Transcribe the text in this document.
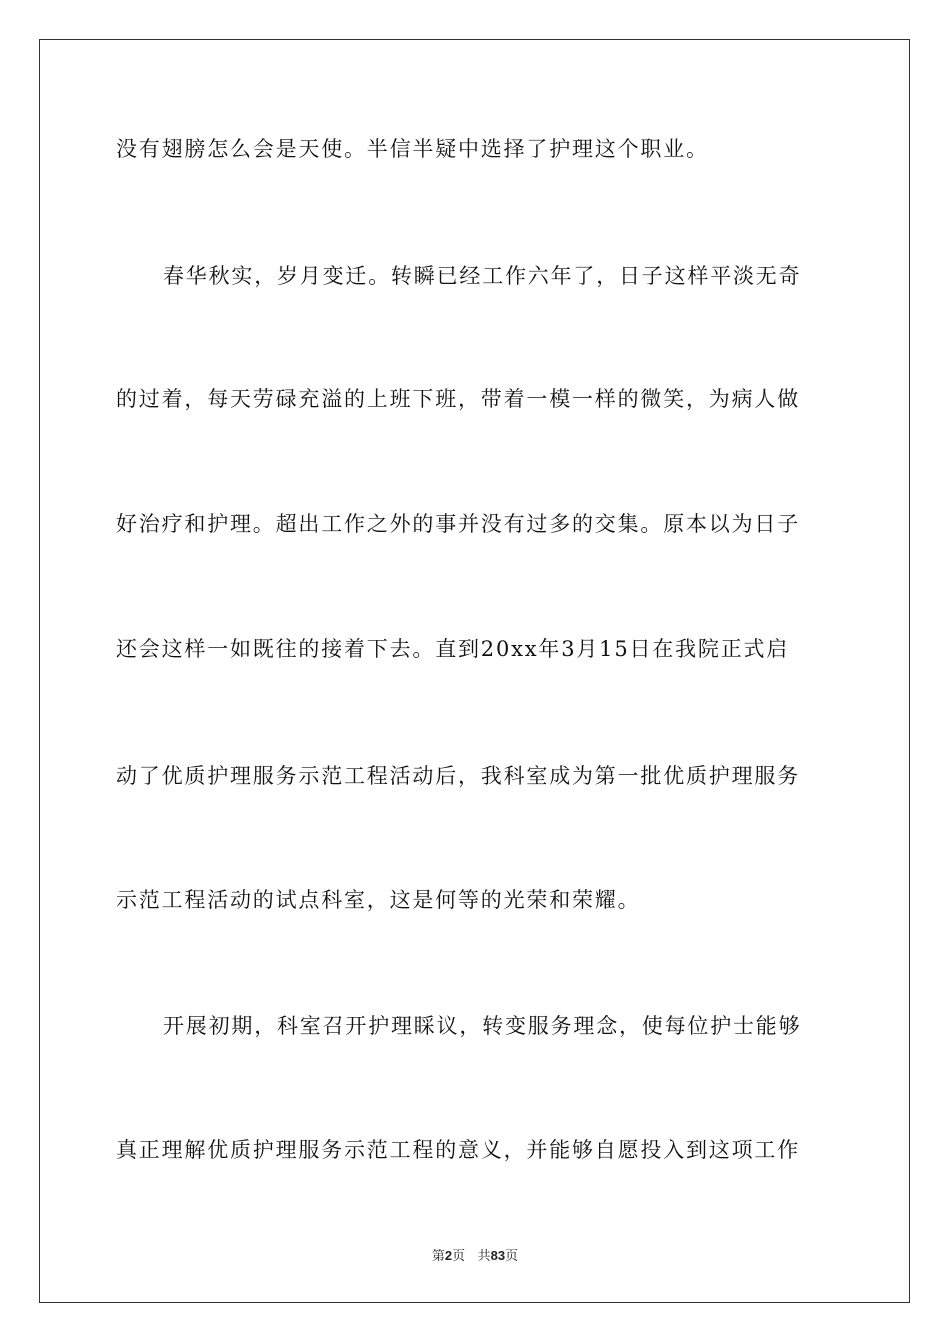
没有翅膀怎么会是天使。半信半疑中选择了护理这个职业。
春华秋实，岁月变迁。转瞬已经工作六年了，日子这样平淡无奇
的过着，每天劳碌充溢的上班下班，带着一模一样的微笑，为病人做
好治疗和护理。超出工作之外的事并没有过多的交集。原本以为日子
还会这样一如既往的接着下去。直到20xx年3月15日在我院正式启
动了优质护理服务示范工程活动后，我科室成为第一批优质护理服务
示范工程活动的试点科室，这是何等的光荣和荣耀。
开展初期，科室召开护理睬议，转变服务理念，使每位护士能够
真正理解优质护理服务示范工程的意义，并能够自愿投入到这项工作
第2页 共83页
